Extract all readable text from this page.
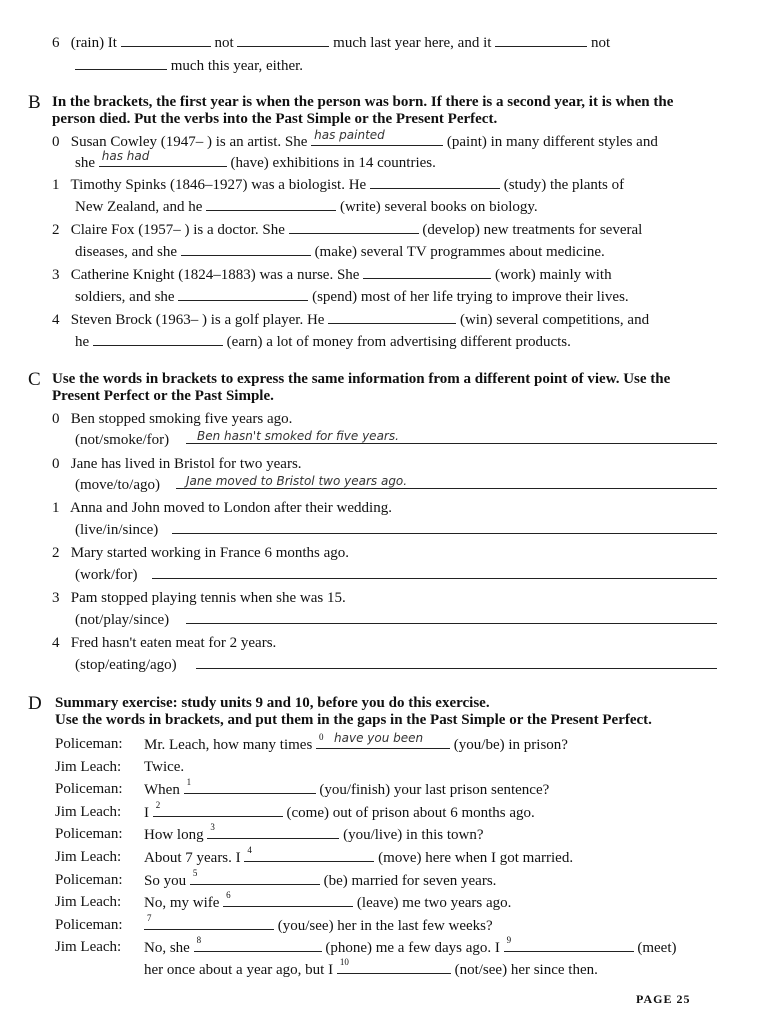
6 (rain) It	not	much last year here, and it	not
much this year, either.
B In the brackets, the first year is when the person was born. If there is a second year, it is when the
person died. Put the verbs into the Past Simple or the Present Perfect.
0 Susan Cowley (1947– ) is an artist. She has painted	(paint) in many different styles and
she has had	(have) exhibitions in 14 countries.
1 Timothy Spinks (1846–1927) was a biologist. He	(study) the plants of
New Zealand, and he	(write) several books on biology.
2 Claire Fox (1957– ) is a doctor. She	(develop) new treatments for several
diseases, and she	(make) several TV programmes about medicine.
3 Catherine Knight (1824–1883) was a nurse. She	(work) mainly with
soldiers, and she	(spend) most of her life trying to improve their lives.
4 Steven Brock (1963– ) is a golf player. He	(win) several competitions, and
he	(earn) a lot of money from advertising different products.
C Use the words in brackets to express the same information from a different point of view. Use the
Present Perfect or the Past Simple.
0 Ben stopped smoking five years ago.
(not/smoke/for) Ben hasn't smoked for five years.
0 Jane has lived in Bristol for two years.
(move/to/ago) Jane moved to Bristol two years ago.
1 Anna and John moved to London after their wedding.
(live/in/since)
2 Mary started working in France 6 months ago.
(work/for)
3 Pam stopped playing tennis when she was 15.
(not/play/since)
4 Fred hasn't eaten meat for 2 years.
(stop/eating/ago)
D Summary exercise: study units 9 and 10, before you do this exercise.
Use the words in brackets, and put them in the gaps in the Past Simple or the Present Perfect.
Policeman: Mr. Leach, how many times 0 have you been (you/be) in prison?
Jim Leach: Twice.
Policeman: When 1	(you/finish) your last prison sentence?
Jim Leach: I 2	(come) out of prison about 6 months ago.
Policeman: How long 3	(you/live) in this town?
Jim Leach: About 7 years. I 4	(move) here when I got married.
Policeman: So you 5	(be) married for seven years.
Jim Leach: No, my wife 6	(leave) me two years ago.
Policeman:	7	(you/see) her in the last few weeks?
Jim Leach: No, she 8	(phone) me a few days ago. I 9	(meet)
her once about a year ago, but I 10	(not/see) her since then.
PAGE 25
